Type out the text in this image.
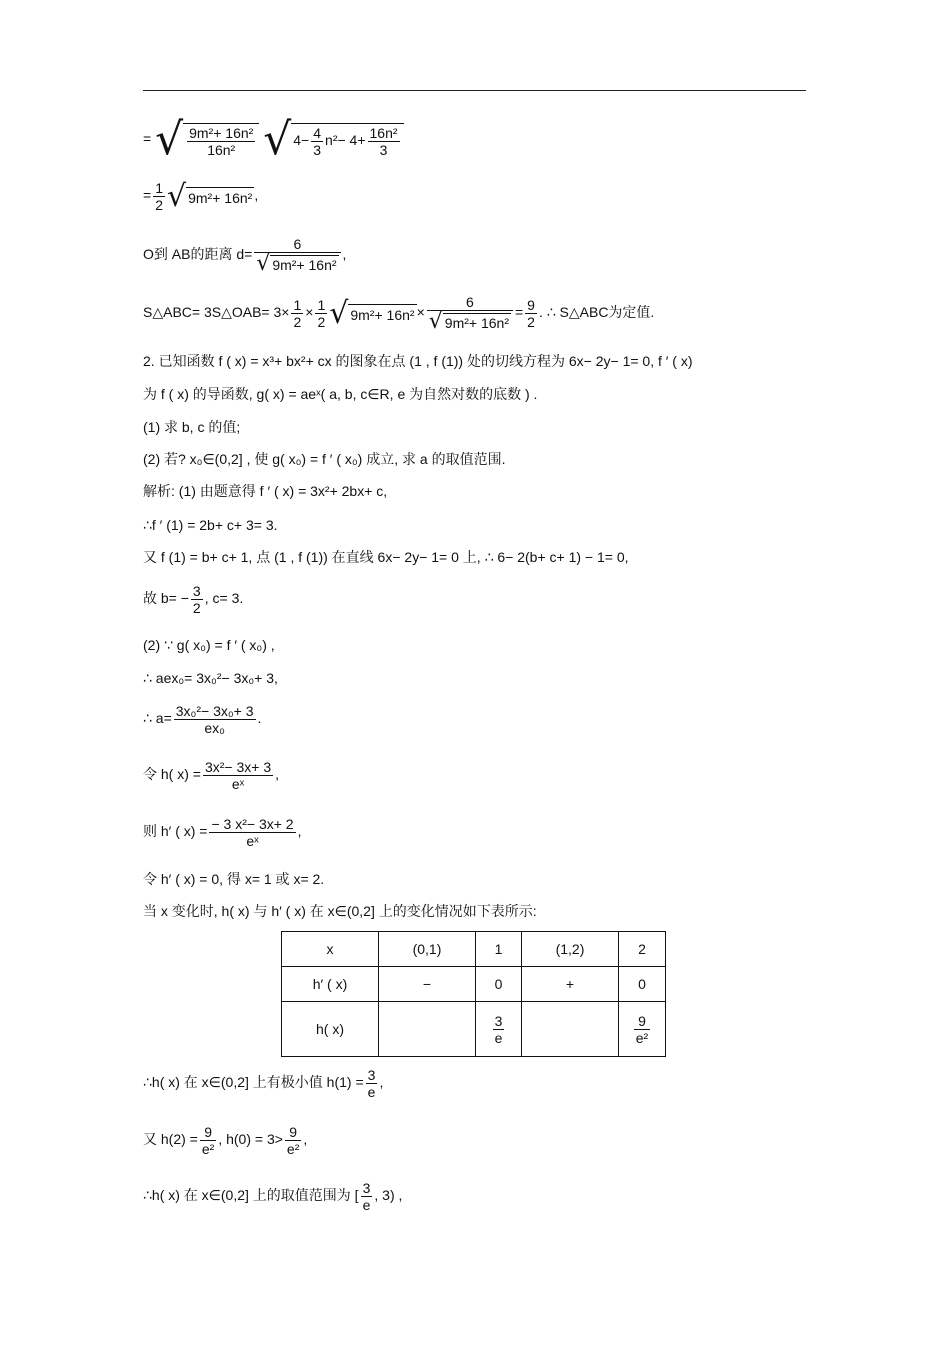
= √ $\frac{\text{9m²+ 16n²}}{\text{16n²}}$ √ $4- \frac{4}{3} n^2- 4+ \frac{\text{16n²}}{3}$
= $\frac{1}{2}$ √ 9m²+ 16n² ,
O到 AB的距离 $d= \frac{6}{\text{√ 9m²+ 16n²}}$ ,
S△ABC= 3S△OAB= $3\times \frac{1}{2} \times \frac{1}{2}$ √ $9m^2+ 16n^2 \times \frac{6}{\text{√ 9m²+ 16n²}} = \frac{9}{2}$ . ∴ S△ABC为定值.
2. 已知函数 f ( x) = x³+ bx²+ cx 的图象在点 (1 , f (1)) 处的切线方程为 6x− 2y− 1= 0, f ′ ( x)
为 f ( x) 的导函数, g( x) = aeˣ( a, b, c∈R, e 为自然对数的底数 ) .
(1) 求 b, c 的值;
(2) 若? x₀∈(0,2] , 使 g( x₀) = f ′ ( x₀) 成立, 求 a 的取值范围.
解析: (1) 由题意得 f ′ ( x) = 3x²+ 2bx+ c,
∴f ′ (1) = 2b+ c+ 3= 3.
又 f (1) = b+ c+ 1, 点 (1 , f (1)) 在直线 6x− 2y− 1= 0 上, ∴ 6− 2(b+ c+ 1) − 1= 0,
故 $b= - \frac{3}{2}$ , c= 3.
(2) ∵ g( x₀) = f ′ ( x₀) ,
∴ aex₀= 3x₀²− 3x₀+ 3,
∴ $a= \frac{\text{3x₀²− 3x₀+ 3}}{\text{ex₀}}$ .
令 h( $x) = \frac{\text{3x²− 3x+ 3}}{\text{eˣ}}$ ,
则 h′ ( $x) = \frac{\text{− 3 x²− 3x+ 2}}{\text{eˣ}}$ ,
令 h′ ( x) = 0, 得 x= 1 或 x= 2.
当 x 变化时, h( x) 与 h′ ( x) 在 x∈(0,2] 上的变化情况如下表所示:
x	(0,1)	1	(1,2)	2
h′ ( x)	−	0	+	0
h( x)		$\frac{3}{e}$		$\frac{9}{\text{e²}}$
∴h( x) 在 x∈(0,2] 上有极小值 $h(1) = \frac{3}{e}$ ,
又 $h(2) = \frac{9}{\text{e²}}$ , $h(0) = 3> \frac{9}{\text{e²}}$ ,
∴h( x) 在 x∈(0,2] 上的取值范围为 [ $\frac{3}{e}$ , 3) ,
